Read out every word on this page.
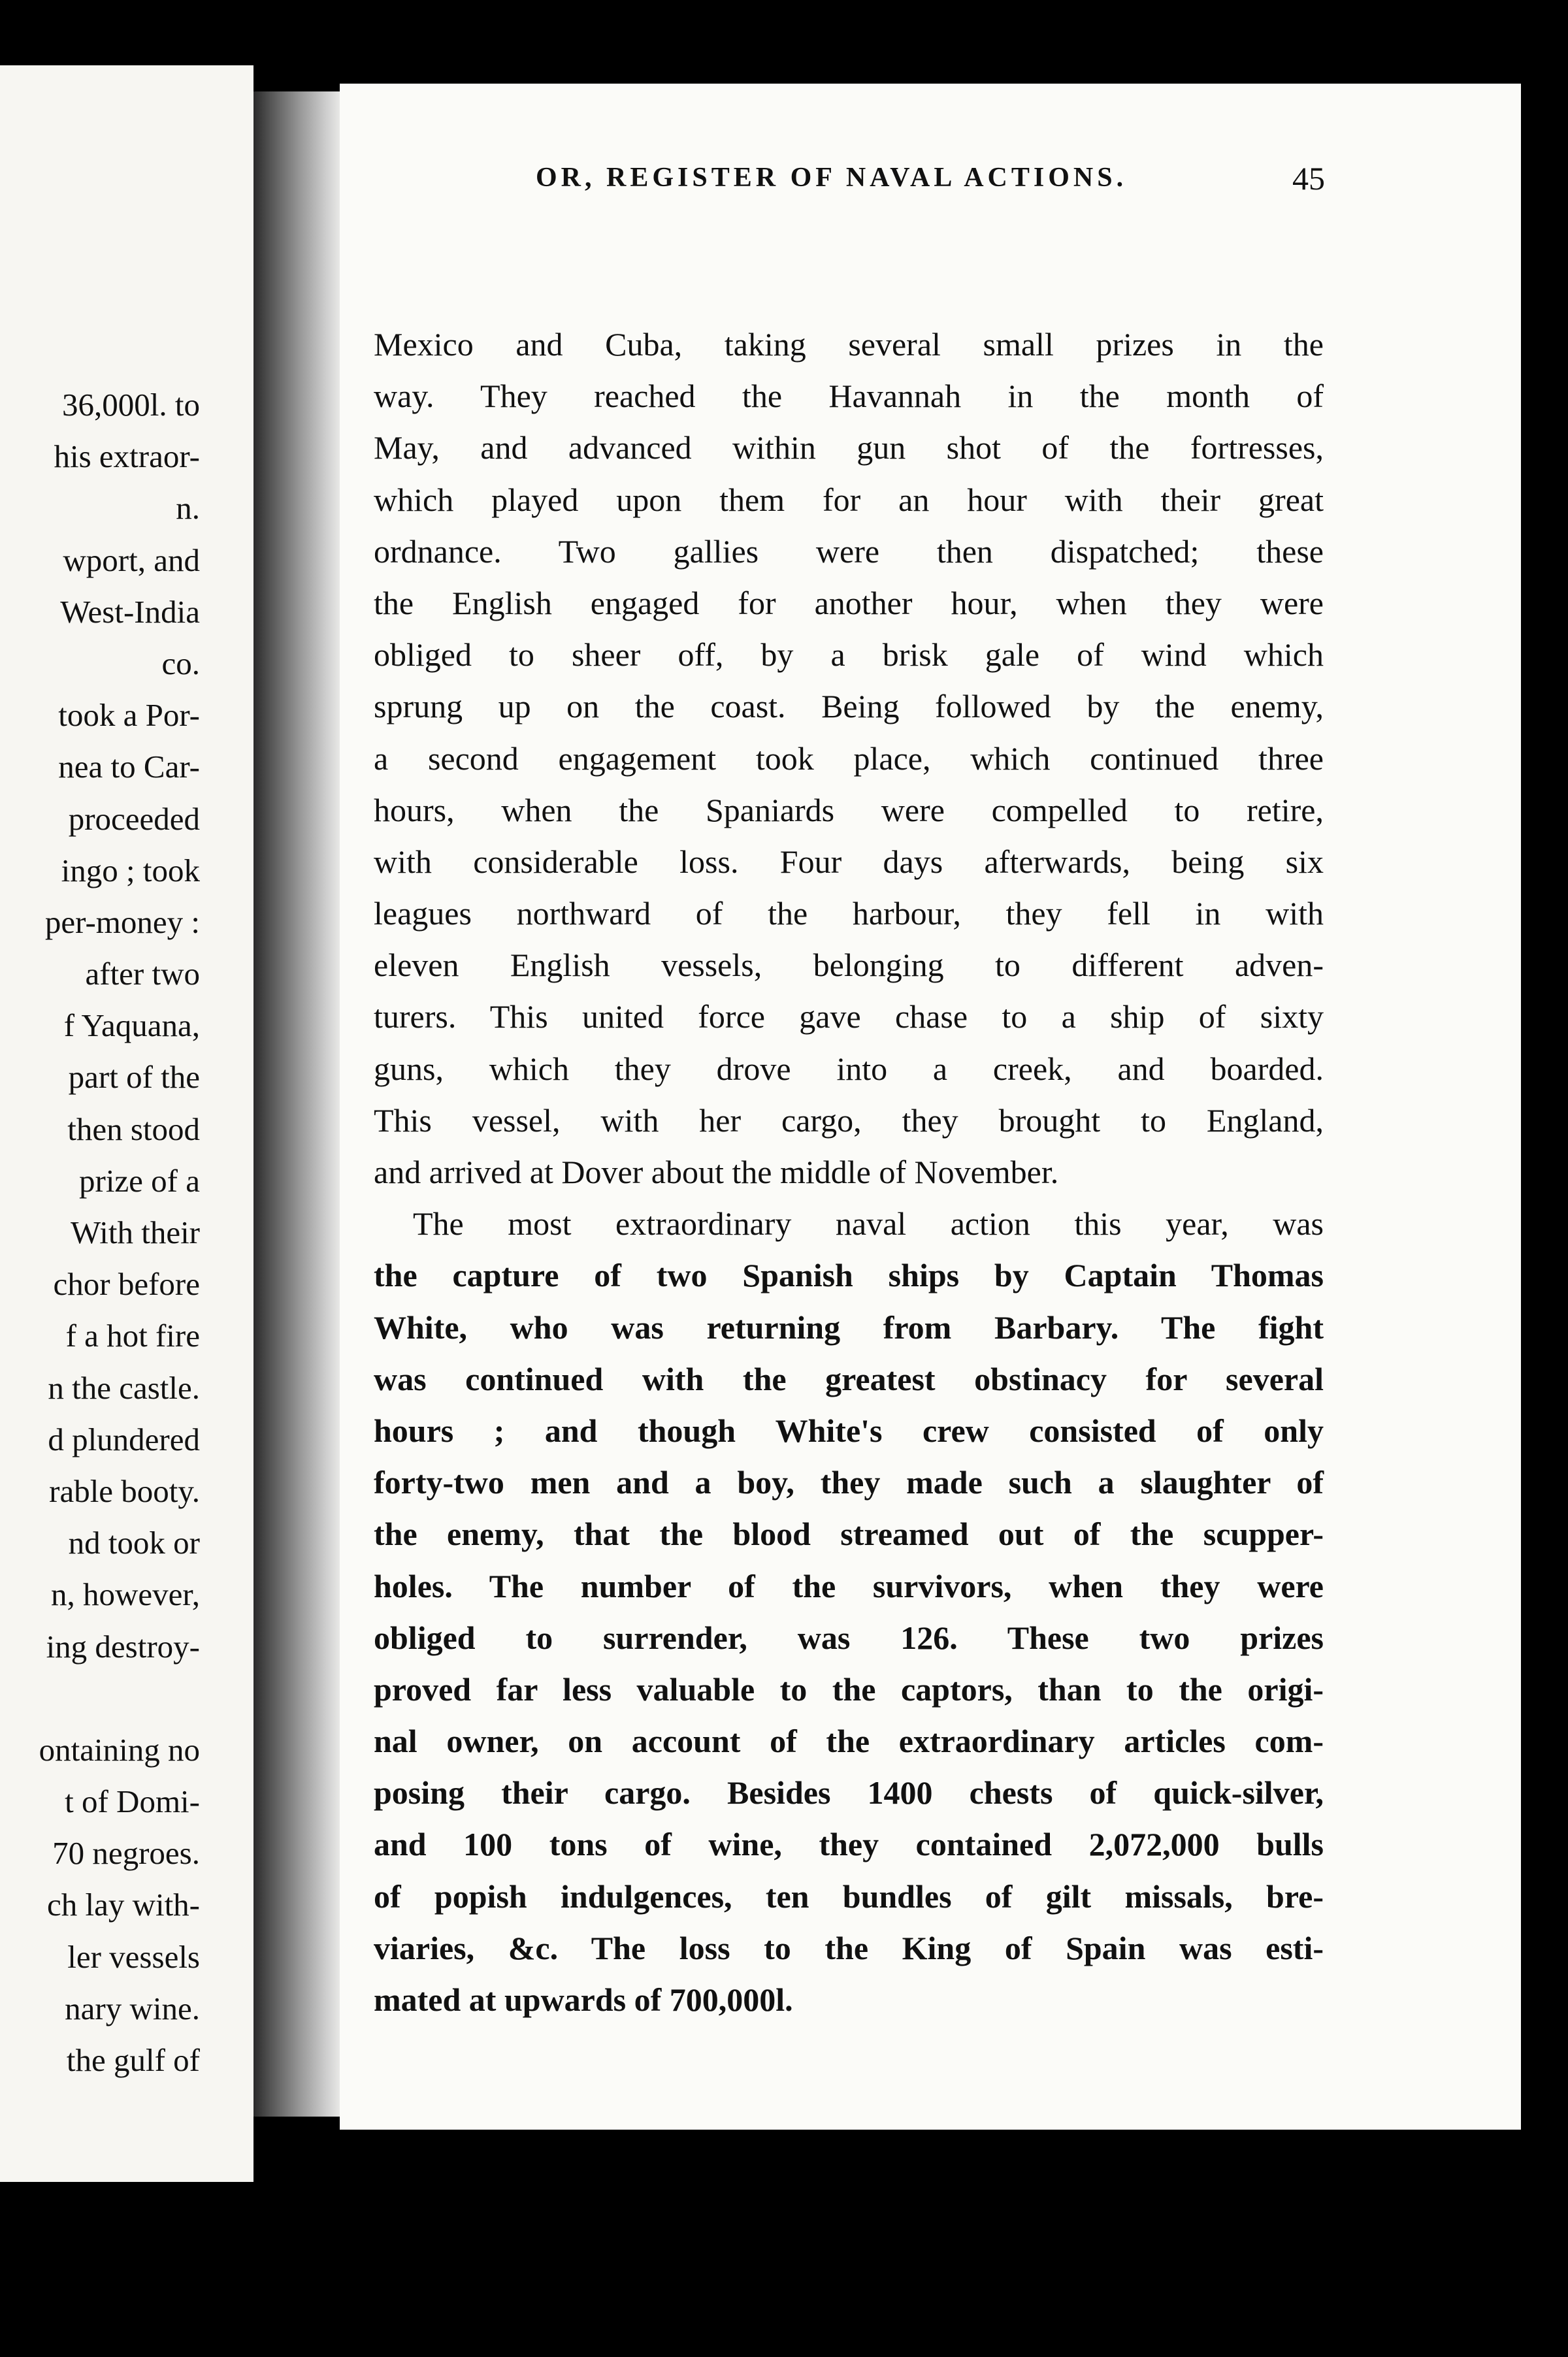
36,000l. to
his extraor-
n.
wport, and
West-India
co.
took a Por-
nea to Car-
proceeded
ingo ; took
per-money :
after two
f Yaquana,
part of the
then stood
prize of a
With their
chor before
f a hot fire
n the castle.
d plundered
rable booty.
nd took or
n, however,
ing destroy-
ontaining no
t of Domi-
70 negroes.
ch lay with-
ler vessels
nary wine.
the gulf of
OR, REGISTER OF NAVAL ACTIONS.	45
Mexico and Cuba, taking several small prizes in the
way. They reached the Havannah in the month of
May, and advanced within gun shot of the fortresses,
which played upon them for an hour with their great
ordnance. Two gallies were then dispatched; these
the English engaged for another hour, when they were
obliged to sheer off, by a brisk gale of wind which
sprung up on the coast. Being followed by the enemy,
a second engagement took place, which continued three
hours, when the Spaniards were compelled to retire,
with considerable loss. Four days afterwards, being six
leagues northward of the harbour, they fell in with
eleven English vessels, belonging to different adven-
turers. This united force gave chase to a ship of sixty
guns, which they drove into a creek, and boarded.
This vessel, with her cargo, they brought to England,
and arrived at Dover about the middle of November.
The most extraordinary naval action this year, was
the capture of two Spanish ships by Captain Thomas
White, who was returning from Barbary. The fight
was continued with the greatest obstinacy for several
hours ; and though White's crew consisted of only
forty-two men and a boy, they made such a slaughter of
the enemy, that the blood streamed out of the scupper-
holes. The number of the survivors, when they were
obliged to surrender, was 126. These two prizes
proved far less valuable to the captors, than to the origi-
nal owner, on account of the extraordinary articles com-
posing their cargo. Besides 1400 chests of quick-silver,
and 100 tons of wine, they contained 2,072,000 bulls
of popish indulgences, ten bundles of gilt missals, bre-
viaries, &c. The loss to the King of Spain was esti-
mated at upwards of 700,000l.
